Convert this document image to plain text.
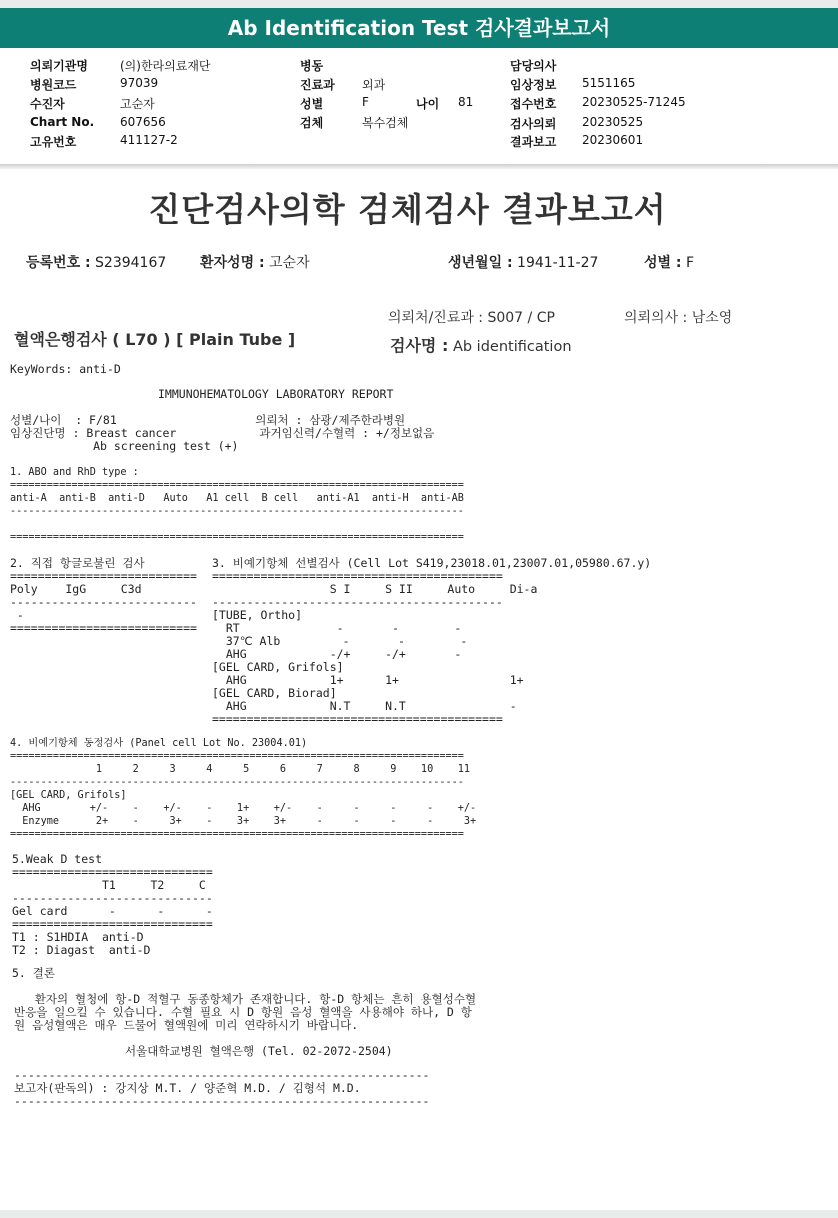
Ab Identification Test 검사결과보고서
의뢰기관명	(의)한라의료재단
병원코드	97039
수진자	고순자
Chart No. 607656
고유번호	411127-2
병동
진료과 외과
성별	F	나이 81
검체	복수검체
담당의사
임상정보 5151165
접수번호 20230525-71245
검사의뢰 20230525
결과보고 20230601
진단검사의학 검체검사 결과보고서
등록번호 : S2394167 환자성명 : 고순자	생년월일 : 1941-11-27	성별 : F
의뢰처/진료과 : S007 / CP	의뢰의사 : 남소영
혈액은행검사 ( L70 ) [ Plain Tube ]	검사명 : Ab identification
KeyWords: anti-D
IMMUNOHEMATOLOGY LABORATORY REPORT
성별/나이  : F/81                    의뢰처 : 삼광/제주한라병원
임상진단명 : Breast cancer            과거임신력/수혈력 : +/정보없음
Ab screening test (+)
1. ABO and RhD type :
==========================================================================
anti-A  anti-B  anti-D   Auto   A1 cell  B cell   anti-A1  anti-H  anti-AB
--------------------------------------------------------------------------

==========================================================================
2. 직접 항글로불린 검사
===========================
Poly    IgG     C3d
---------------------------
-
===========================
3. 비예기항체 선별검사 (Cell Lot S419,23018.01,23007.01,05980.67.y)
==========================================
S I     S II     Auto     Di-a
------------------------------------------
[TUBE, Ortho]
RT              -       -        -
37℃ Alb         -       -        -
AHG            -/+     -/+       -
[GEL CARD, Grifols]
AHG            1+      1+                1+
[GEL CARD, Biorad]
AHG            N.T     N.T               -
==========================================
4. 비예기항체 동정검사 (Panel cell Lot No. 23004.01)
==========================================================================
1     2     3     4     5     6     7     8     9    10    11
--------------------------------------------------------------------------
[GEL CARD, Grifols]
AHG        +/-    -    +/-    -    1+    +/-    -     -     -     -    +/-
Enzyme      2+    -     3+    -    3+    3+     -     -     -     -     3+
==========================================================================
5.Weak D test
=============================
T1     T2     C
-----------------------------
Gel card      -      -      -
=============================
T1 : S1HDIA  anti-D
T2 : Diagast  anti-D
5. 결론
환자의 혈청에 항-D 적혈구 동종항체가 존재합니다. 항-D 항체는 흔히 용혈성수혈
반응을 일으킬 수 있습니다. 수혈 필요 시 D 항원 음성 혈액을 사용해야 하나, D 항
원 음성혈액은 매우 드물어 혈액원에 미리 연락하시기 바랍니다.
서울대학교병원 혈액은행 (Tel. 02-2072-2504)
------------------------------------------------------------
보고자(판독의) : 강지상 M.T. / 양준혁 M.D. / 김형석 M.D.
------------------------------------------------------------
